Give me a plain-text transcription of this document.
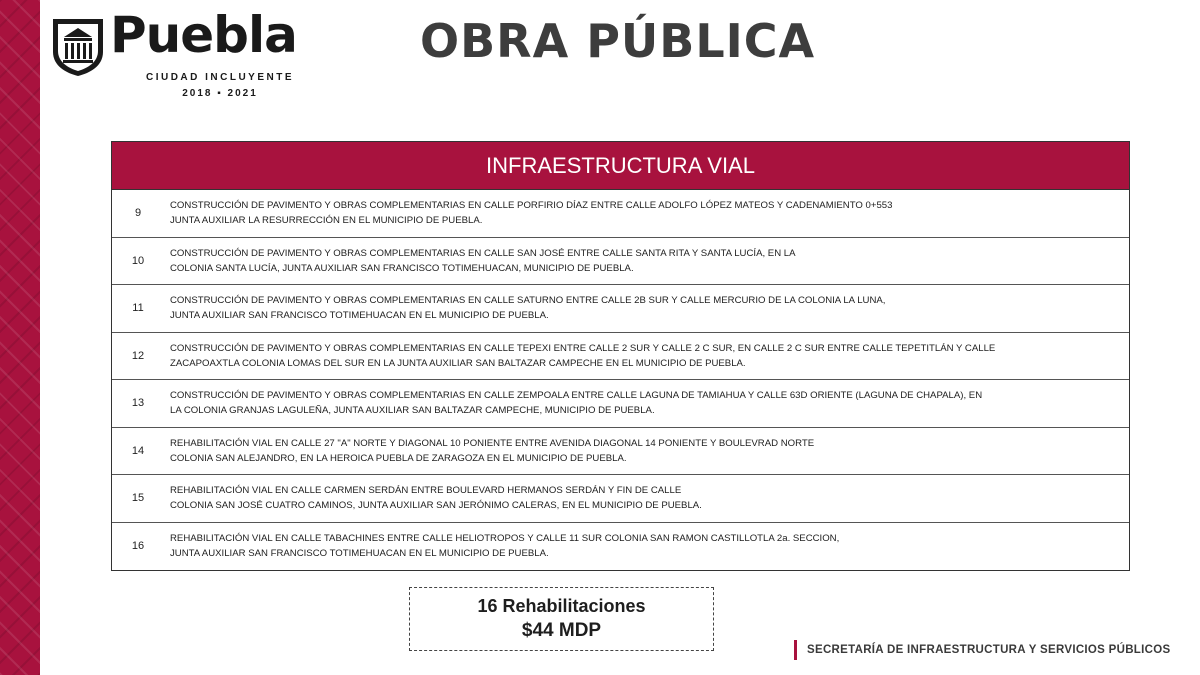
Puebla
CIUDAD INCLUYENTE
2018 ▪ 2021
OBRA PÚBLICA
INFRAESTRUCTURA VIAL
9
CONSTRUCCIÓN DE PAVIMENTO Y OBRAS COMPLEMENTARIAS EN CALLE PORFIRIO DÍAZ ENTRE CALLE ADOLFO LÓPEZ MATEOS Y CADENAMIENTO 0+553
JUNTA AUXILIAR LA RESURRECCIÓN EN EL MUNICIPIO DE PUEBLA.
10
CONSTRUCCIÓN DE PAVIMENTO Y OBRAS COMPLEMENTARIAS EN CALLE SAN JOSÉ ENTRE CALLE SANTA RITA Y SANTA LUCÍA, EN LA
COLONIA SANTA LUCÍA, JUNTA AUXILIAR SAN FRANCISCO TOTIMEHUACAN, MUNICIPIO DE PUEBLA.
11
CONSTRUCCIÓN DE PAVIMENTO Y OBRAS COMPLEMENTARIAS EN CALLE SATURNO ENTRE CALLE 2B SUR Y CALLE MERCURIO DE LA COLONIA LA LUNA,
JUNTA AUXILIAR SAN FRANCISCO TOTIMEHUACAN EN EL MUNICIPIO DE PUEBLA.
12
CONSTRUCCIÓN DE PAVIMENTO Y OBRAS COMPLEMENTARIAS EN CALLE TEPEXI ENTRE CALLE 2 SUR Y CALLE 2 C SUR, EN CALLE 2 C SUR ENTRE CALLE TEPETITLÁN Y CALLE
ZACAPOAXTLA COLONIA LOMAS DEL SUR EN LA JUNTA AUXILIAR SAN BALTAZAR CAMPECHE EN EL MUNICIPIO DE PUEBLA.
13
CONSTRUCCIÓN DE PAVIMENTO Y OBRAS COMPLEMENTARIAS EN CALLE ZEMPOALA ENTRE CALLE LAGUNA DE TAMIAHUA Y CALLE 63D ORIENTE (LAGUNA DE CHAPALA), EN
LA COLONIA GRANJAS LAGULEÑA, JUNTA AUXILIAR SAN BALTAZAR CAMPECHE, MUNICIPIO DE PUEBLA.
14
REHABILITACIÓN VIAL EN CALLE 27 "A" NORTE Y DIAGONAL 10 PONIENTE ENTRE AVENIDA DIAGONAL 14 PONIENTE Y BOULEVRAD NORTE
COLONIA SAN ALEJANDRO, EN LA HEROICA PUEBLA DE ZARAGOZA EN EL MUNICIPIO DE PUEBLA.
15
REHABILITACIÓN VIAL EN CALLE CARMEN SERDÁN ENTRE BOULEVARD HERMANOS SERDÁN Y FIN DE CALLE
COLONIA SAN JOSÉ CUATRO CAMINOS, JUNTA AUXILIAR SAN JERÓNIMO CALERAS, EN EL MUNICIPIO DE PUEBLA.
16
REHABILITACIÓN VIAL EN CALLE TABACHINES ENTRE CALLE HELIOTROPOS Y CALLE 11 SUR COLONIA SAN RAMON CASTILLOTLA 2a. SECCION,
JUNTA AUXILIAR SAN FRANCISCO TOTIMEHUACAN EN EL MUNICIPIO DE PUEBLA.
16 Rehabilitaciones
$44 MDP
SECRETARÍA DE INFRAESTRUCTURA Y SERVICIOS PÚBLICOS
